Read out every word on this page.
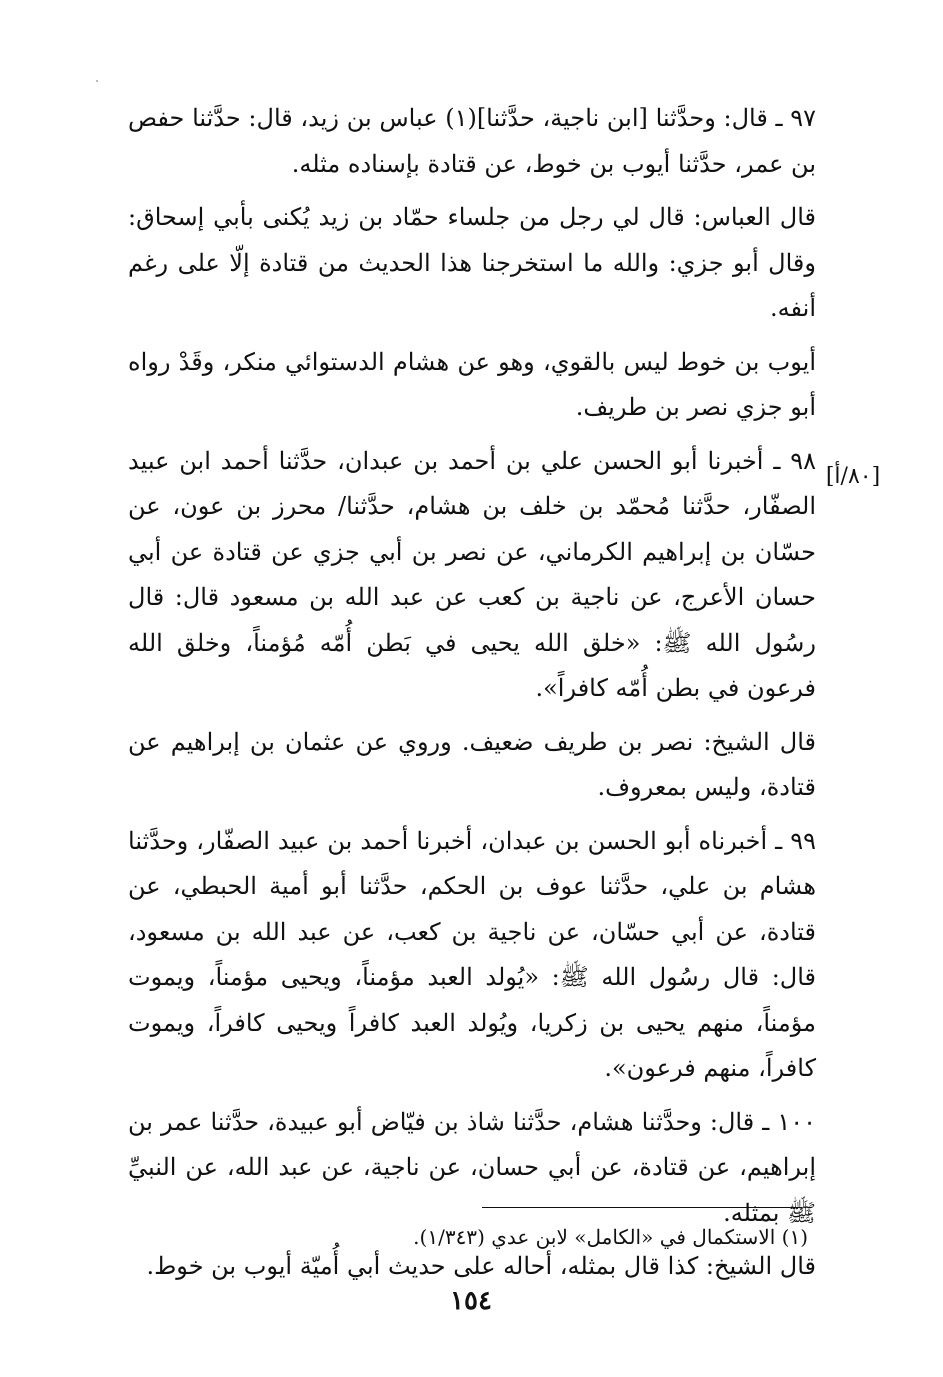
٩٧ ـ قال: وحدَّثنا [ابن ناجية، حدَّثنا](١) عباس بن زيد، قال: حدَّثنا حفص بن عمر، حدَّثنا أيوب بن خوط، عن قتادة بإسناده مثله.

قال العباس: قال لي رجل من جلساء حمّاد بن زيد يُكنى بأبي إسحاق: وقال أبو جزي: والله ما استخرجنا هذا الحديث من قتادة إلّا على رغم أنفه.

أيوب بن خوط ليس بالقوي، وهو عن هشام الدستوائي منكر، وقَدْ رواه أبو جزي نصر بن طريف.

٩٨ ـ أخبرنا أبو الحسن علي بن أحمد بن عبدان، حدَّثنا أحمد ابن عبيد الصفّار، حدَّثنا مُحمّد بن خلف بن هشام، حدَّثنا/ محرز بن عون، عن حسّان بن إبراهيم الكرماني، عن نصر بن أبي جزي عن قتادة عن أبي حسان الأعرج، عن ناجية بن كعب عن عبد الله بن مسعود قال: قال رسُول الله ﷺ: «خلق الله يحيى في بَطن أُمّه مُؤمناً، وخلق الله فرعون في بطن أُمّه كافراً».

قال الشيخ: نصر بن طريف ضعيف. وروي عن عثمان بن إبراهيم عن قتادة، وليس بمعروف.

٩٩ ـ أخبرناه أبو الحسن بن عبدان، أخبرنا أحمد بن عبيد الصفّار، وحدَّثنا هشام بن علي، حدَّثنا عوف بن الحكم، حدَّثنا أبو أمية الحبطي، عن قتادة، عن أبي حسّان، عن ناجية بن كعب، عن عبد الله بن مسعود، قال: قال رسُول الله ﷺ: «يُولد العبد مؤمناً، ويحيى مؤمناً، ويموت مؤمناً، منهم يحيى بن زكريا، ويُولد العبد كافراً ويحيى كافراً، ويموت كافراً، منهم فرعون».

١٠٠ ـ قال: وحدَّثنا هشام، حدَّثنا شاذ بن فيّاض أبو عبيدة، حدَّثنا عمر بن إبراهيم، عن قتادة، عن أبي حسان، عن ناجية، عن عبد الله، عن النبيِّ ﷺ بمثله.

قال الشيخ: كذا قال بمثله، أحاله على حديث أبي أُميّة أيوب بن خوط.

[٨٠/أ]
(١) الاستكمال في «الكامل» لابن عدي (١/٣٤٣).
١٥٤
